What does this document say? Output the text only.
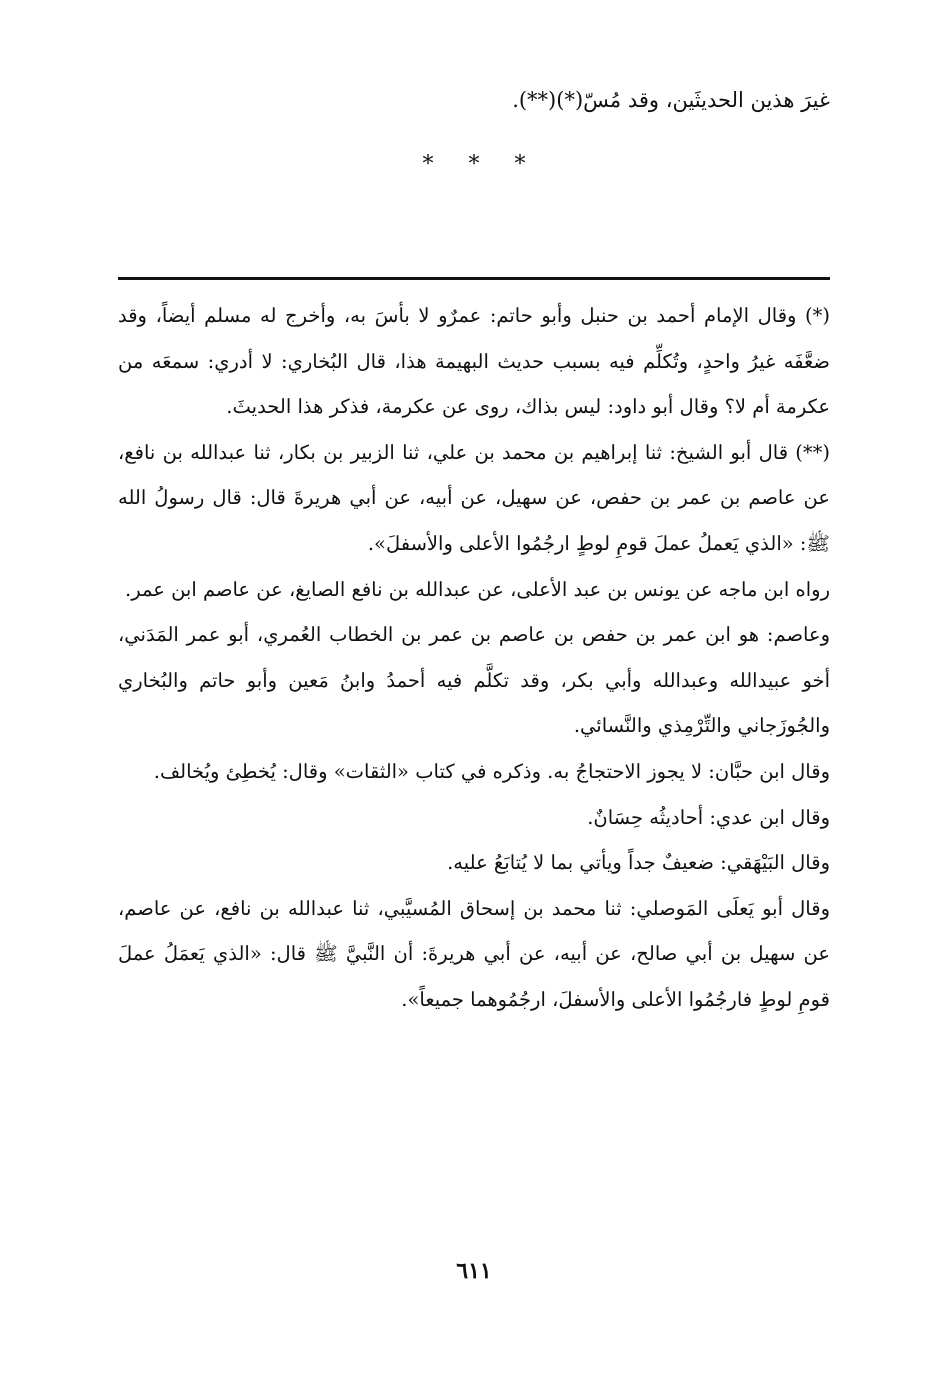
غيرَ هذين الحديثَين، وقد مُسّ(*)(**).
* * *

(*) وقال الإمام أحمد بن حنبل وأبو حاتم: عمرٌو لا بأسَ به، وأخرج له مسلم أيضاً، وقد ضعَّفَه غيرُ واحدٍ، وتُكلِّم فيه بسبب حديث البهيمة هذا، قال البُخاري: لا أدري: سمعَه من عكرمة أم لا؟ وقال أبو داود: ليس بذاك، روى عن عكرمة، فذكر هذا الحديثَ.

(**) قال أبو الشيخ: ثنا إبراهيم بن محمد بن علي، ثنا الزبير بن بكار، ثنا عبدالله بن نافع، عن عاصم بن عمر بن حفص، عن سهيل، عن أبيه، عن أبي هريرةَ قال: قال رسولُ الله ﷺ: «الذي يَعملُ عملَ قومِ لوطٍ ارجُمُوا الأعلى والأسفلَ».

رواه ابن ماجه عن يونس بن عبد الأعلى، عن عبدالله بن نافع الصايغ، عن عاصم ابن عمر.

وعاصم: هو ابن عمر بن حفص بن عاصم بن عمر بن الخطاب العُمري، أبو عمر المَدَني، أخو عبيدالله وعبدالله وأبي بكر، وقد تكلَّم فيه أحمدُ وابنُ مَعين وأبو حاتم والبُخاري والجُوزَجاني والتِّرْمِذي والنَّسائي.

وقال ابن حبَّان: لا يجوز الاحتجاجُ به. وذكره في كتاب «الثقات» وقال: يُخطِئ ويُخالف.

وقال ابن عدي: أحاديثُه حِسَانٌ.

وقال البَيْهَقي: ضعيفٌ جداً ويأتي بما لا يُتابَعُ عليه.

وقال أبو يَعلَى المَوصلي: ثنا محمد بن إسحاق المُسيَّبي، ثنا عبدالله بن نافع، عن عاصم، عن سهيل بن أبي صالح، عن أبيه، عن أبي هريرةَ: أن النَّبيَّ ﷺ قال: «الذي يَعمَلُ عملَ قومِ لوطٍ فارجُمُوا الأعلى والأسفلَ، ارجُمُوهما جميعاً».

٦١١
